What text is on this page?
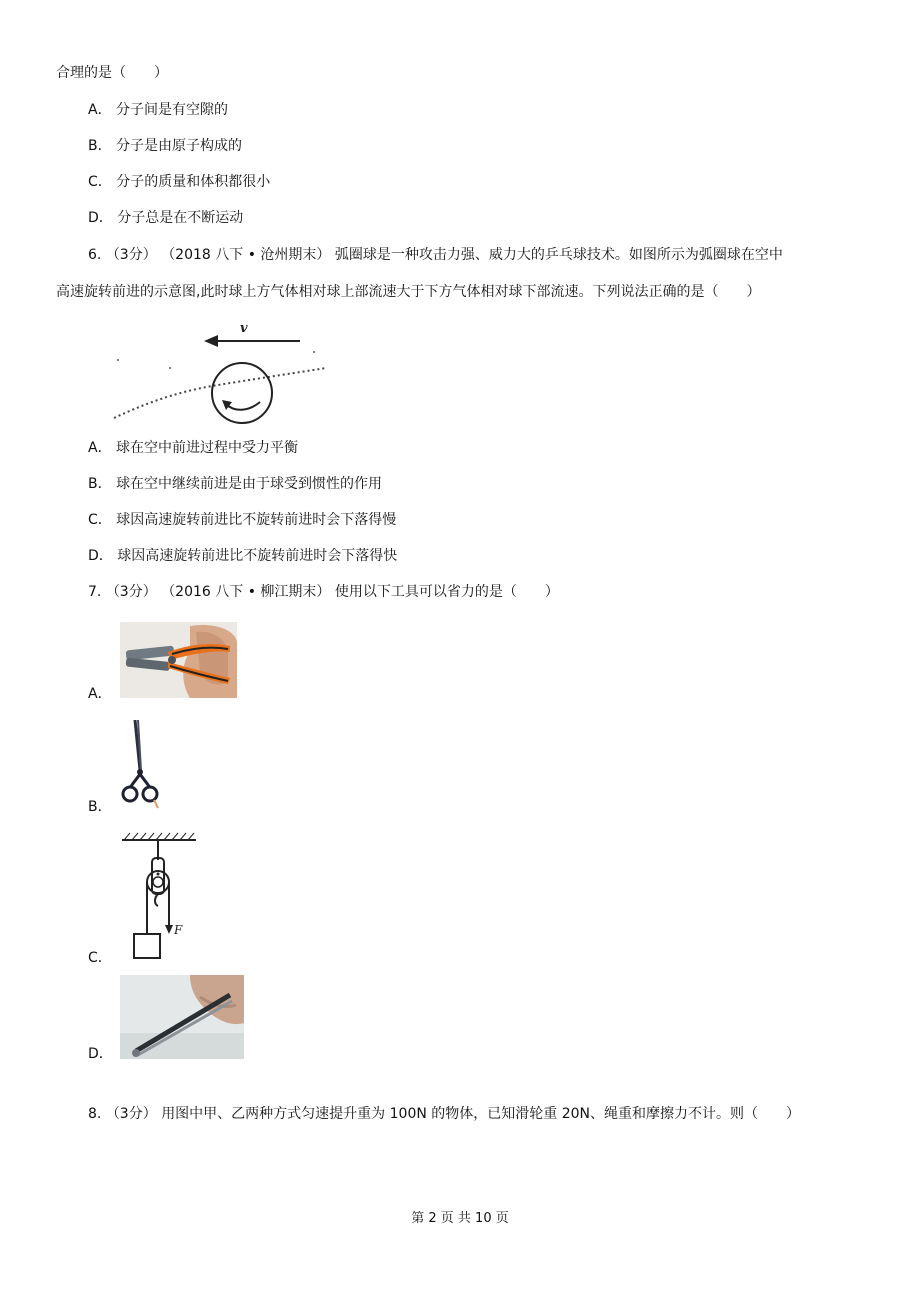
合理的是（　　）
A． 分子间是有空隙的
B． 分子是由原子构成的
C． 分子的质量和体积都很小
D． 分子总是在不断运动
6. （3分） （2018 八下 • 沧州期末） 弧圈球是一种攻击力强、威力大的乒乓球技术。如图所示为弧圈球在空中
高速旋转前进的示意图,此时球上方气体相对球上部流速大于下方气体相对球下部流速。下列说法正确的是（　　）
v
A． 球在空中前进过程中受力平衡
B． 球在空中继续前进是由于球受到惯性的作用
C． 球因高速旋转前进比不旋转前进时会下落得慢
D． 球因高速旋转前进比不旋转前进时会下落得快
7. （3分） （2016 八下 • 柳江期末） 使用以下工具可以省力的是（　　）
A．
B．
C．
F
D．
8. （3分） 用图中甲、乙两种方式匀速提升重为 100N 的物体，已知滑轮重 20N、绳重和摩擦力不计。则（　　）
第 2 页 共 10 页
